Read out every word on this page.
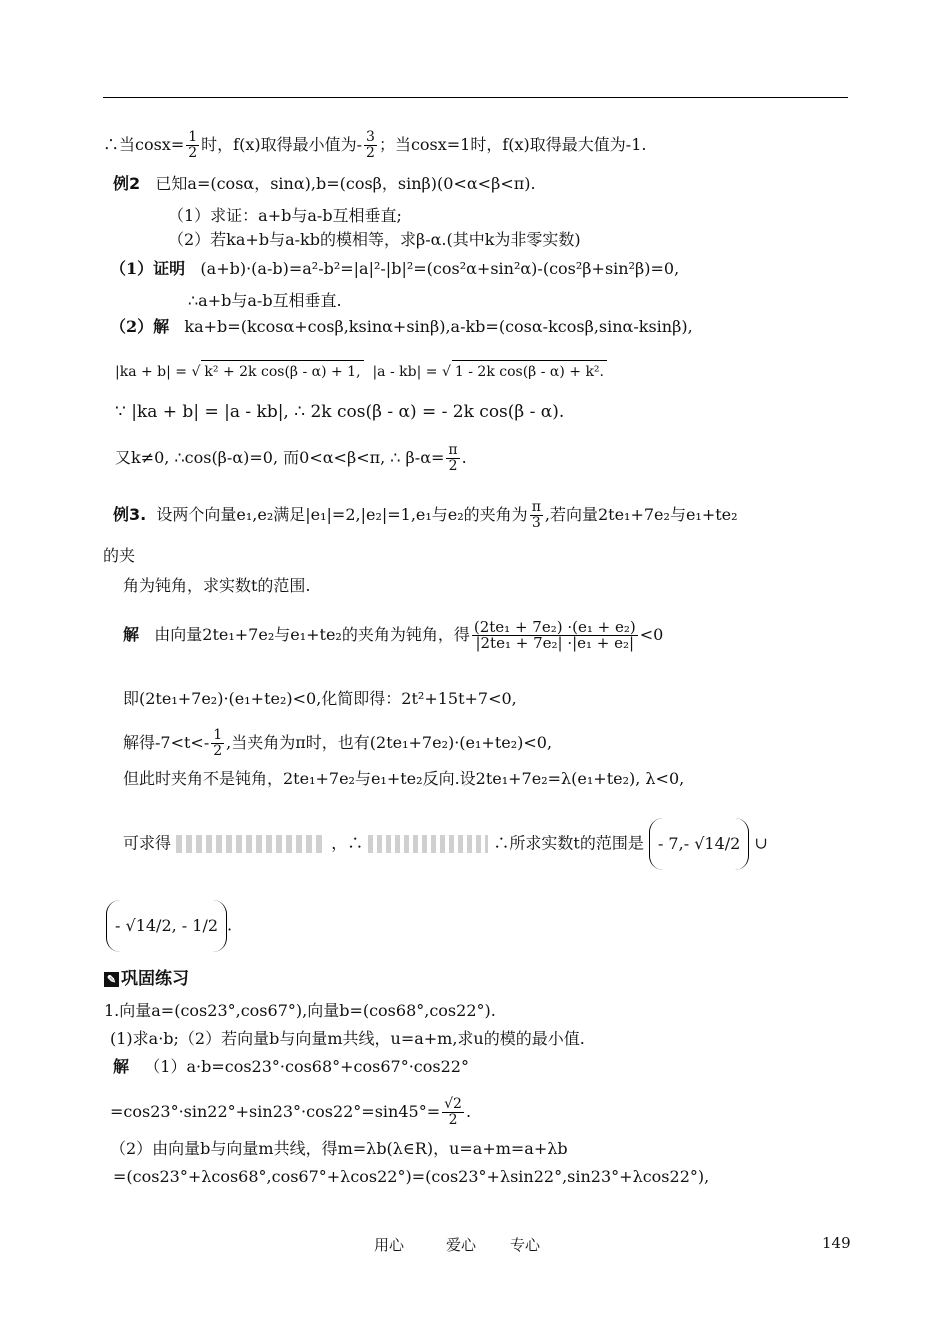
∴当$\cos x= \frac{1}{2}$ 时，f(x)取得最小值为- $\frac{3}{2}$ ；当cosx=1时，f(x)取得最大值为-1.
例2 已知a=(cosα，sinα),b=(cosβ，sinβ)(0<α<β<π).
（1）求证：a+b与a-b互相垂直;
（2）若ka+b与a-kb的模相等，求β-α.(其中k为非零实数)
（1）证明 (a+b)·(a-b)=a²-b²=|a|²-|b|²=(cos²α+sin²α)-(cos²β+sin²β)=0,
∴a+b与a-b互相垂直.
（2）解 ka+b=(kcosα+cosβ,ksinα+sinβ),a-kb=(cosα-kcosβ,sinα-ksinβ),
|ka + b| = √ k² + 2k cos(β - α) + 1, |a - kb| = √ 1 - 2k cos(β - α) + k².
∵ |ka + b| = |a - kb|, ∴ 2k cos(β - α) = - 2k cos(β - α).
又k≠0, ∴cos(β-α)=0, 而0<α<β<π, ∴ $\beta-\alpha= \frac{\pi}{2}$ .
例3. 设两个向量e₁,e₂满足|e₁|=2,|e₂|=1,e₁与e₂的夹角为 $\frac{\pi}{3}$ ,若向量2te₁+7e₂与e₁+te₂
的夹
角为钝角，求实数t的范围.
解 由向量2te₁+7e₂与e₁+te₂的夹角为钝角，得 $\frac{\text{(2te₁ + 7e₂) ·(e₁ + e₂)}}{\text{|2te₁ + 7e₂| ·|e₁ + e₂|}} <0$
即(2te₁+7e₂)·(e₁+te₂)<0,化简即得：2t²+15t+7<0,
解得$-7<t<- \frac{1}{2}$ ,当夹角为π时，也有(2te₁+7e₂)·(e₁+te₂)<0,
但此时夹角不是钝角，2te₁+7e₂与e₁+te₂反向.设2te₁+7e₂=λ(e₁+te₂), λ<0,
可求得	，∴	∴所求实数t的范围是 - 7,- √14/2 ∪
- √14/2, - 1/2 .
✎ 巩固练习
1.向量a=(cos23°,cos67°),向量b=(cos68°,cos22°).
(1)求a·b;（2）若向量b与向量m共线，u=a+m,求u的模的最小值.
解 （1）a·b=cos23°·cos68°+cos67°·cos22°
$=\cos 23^\circ\cdot\sin 22^\circ+\sin 23^\circ\cdot\cos 22^\circ=\sin 45^\circ= \frac{√2}{2}$ .
（2）由向量b与向量m共线，得m=λb(λ∈R)，u=a+m=a+λb
=(cos23°+λcos68°,cos67°+λcos22°)=(cos23°+λsin22°,sin23°+λcos22°),
用心	爱心 专心	149
